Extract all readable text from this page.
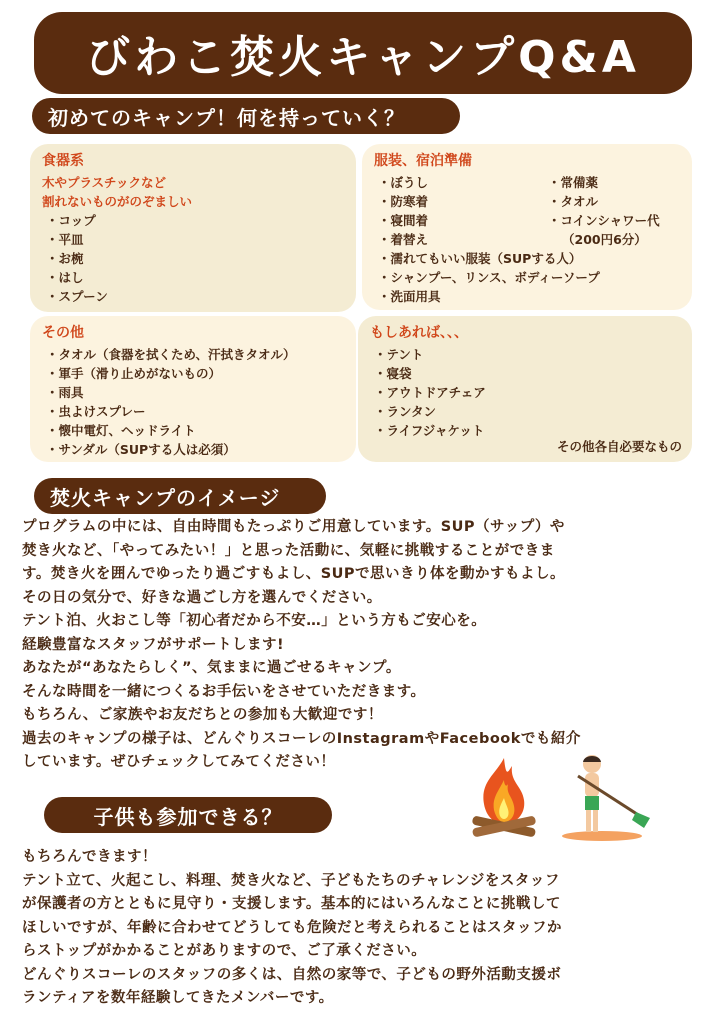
びわこ焚火キャンプQ&A
初めてのキャンプ！何を持っていく？
食器系
木やプラスチックなど
割れないものがのぞましい
・ コップ
・ 平皿
・ お椀
・ はし
・ スプーン
服装、宿泊準備
・ ぼうし
・ 防寒着
・ 寝間着
・ 着替え
・ 常備薬
・ タオル
・ コインシャワー代
（200円6分）
・ 濡れてもいい服装（SUPする人）
・ シャンプー、リンス、ボディーソープ
・ 洗面用具
その他
・ タオル（食器を拭くため、汗拭きタオル）
・ 軍手（滑り止めがないもの）
・ 雨具
・ 虫よけスプレー
・ 懐中電灯、ヘッドライト
・ サンダル（SUPする人は必須）
もしあれば、、、
・ テント
・ 寝袋
・ アウトドアチェア
・ ランタン
・ ライフジャケット
その他各自必要なもの
焚火キャンプのイメージ

プログラムの中には、自由時間もたっぷりご用意しています。SUP（サップ）や

焚き火など、「やってみたい！」と思った活動に、気軽に挑戦することができま

す。焚き火を囲んでゆったり過ごすもよし、SUPで思いきり体を動かすもよし。

その日の気分で、好きな過ごし方を選んでください。

テント泊、火おこし等「初心者だから不安…」という方もご安心を。

経験豊富なスタッフがサポートします!

あなたが“あなたらしく”、気ままに過ごせるキャンプ。

そんな時間を一緒につくるお手伝いをさせていただきます。

もちろん、ご家族やお友だちとの参加も大歓迎です！

過去のキャンプの様子は、どんぐりスコーレのInstagramやFacebookでも紹介

しています。ぜひチェックしてみてください！

子供も参加できる？

もちろんできます！

テント立て、火起こし、料理、焚き火など、子どもたちのチャレンジをスタッフ

が保護者の方とともに見守り・支援します。基本的にはいろんなことに挑戦して

ほしいですが、年齢に合わせてどうしても危険だと考えられることはスタッフか

らストップがかかることがありますので、ご了承ください。

どんぐりスコーレのスタッフの多くは、自然の家等で、子どもの野外活動支援ボ

ランティアを数年経験してきたメンバーです。
